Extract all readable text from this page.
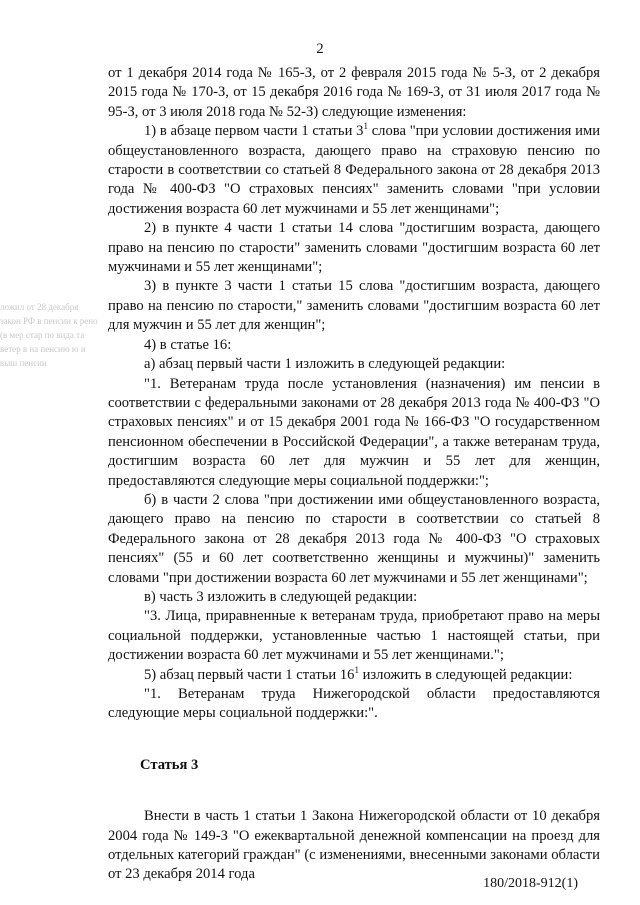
2
ложил от 28 декабря закон РФ в пенсии к рено (в мер стар по вида та ветер в на пенсию ю и выш пенсии

от 1 декабря 2014 года № 165-З, от 2 февраля 2015 года № 5-З, от 2 декабря 2015 года № 170-З, от 15 декабря 2016 года № 169-З, от 31 июля 2017 года № 95-З, от 3 июля 2018 года № 52-З) следующие изменения:

1) в абзаце первом части 1 статьи $3^1$ слова "при условии достижения ими общеустановленного возраста, дающего право на страховую пенсию по старости в соответствии со статьей 8 Федерального закона от 28 декабря 2013 года № 400-ФЗ "О страховых пенсиях" заменить словами "при условии достижения возраста 60 лет мужчинами и 55 лет женщинами";

2) в пункте 4 части 1 статьи 14 слова "достигшим возраста, дающего право на пенсию по старости" заменить словами "достигшим возраста 60 лет мужчинами и 55 лет женщинами";

3) в пункте 3 части 1 статьи 15 слова "достигшим возраста, дающего право на пенсию по старости," заменить словами "достигшим возраста 60 лет для мужчин и 55 лет для женщин";

4) в статье 16:

а) абзац первый части 1 изложить в следующей редакции:

"1. Ветеранам труда после установления (назначения) им пенсии в соответствии с федеральными законами от 28 декабря 2013 года № 400-ФЗ "О страховых пенсиях" и от 15 декабря 2001 года № 166-ФЗ "О государственном пенсионном обеспечении в Российской Федерации", а также ветеранам труда, достигшим возраста 60 лет для мужчин и 55 лет для женщин, предоставляются следующие меры социальной поддержки:";

б) в части 2 слова "при достижении ими общеустановленного возраста, дающего право на пенсию по старости в соответствии со статьей 8 Федерального закона от 28 декабря 2013 года № 400-ФЗ "О страховых пенсиях" (55 и 60 лет соответственно женщины и мужчины)" заменить словами "при достижении возраста 60 лет мужчинами и 55 лет женщинами";

в) часть 3 изложить в следующей редакции:

"3. Лица, приравненные к ветеранам труда, приобретают право на меры социальной поддержки, установленные частью 1 настоящей статьи, при достижении возраста 60 лет мужчинами и 55 лет женщинами.";

5) абзац первый части 1 статьи $16^1$ изложить в следующей редакции:

"1. Ветеранам труда Нижегородской области предоставляются следующие меры социальной поддержки:".

Статья 3

Внести в часть 1 статьи 1 Закона Нижегородской области от 10 декабря 2004 года № 149-З "О ежеквартальной денежной компенсации на проезд для отдельных категорий граждан" (с изменениями, внесенными законами области от 23 декабря 2014 года

180/2018-912(1)
